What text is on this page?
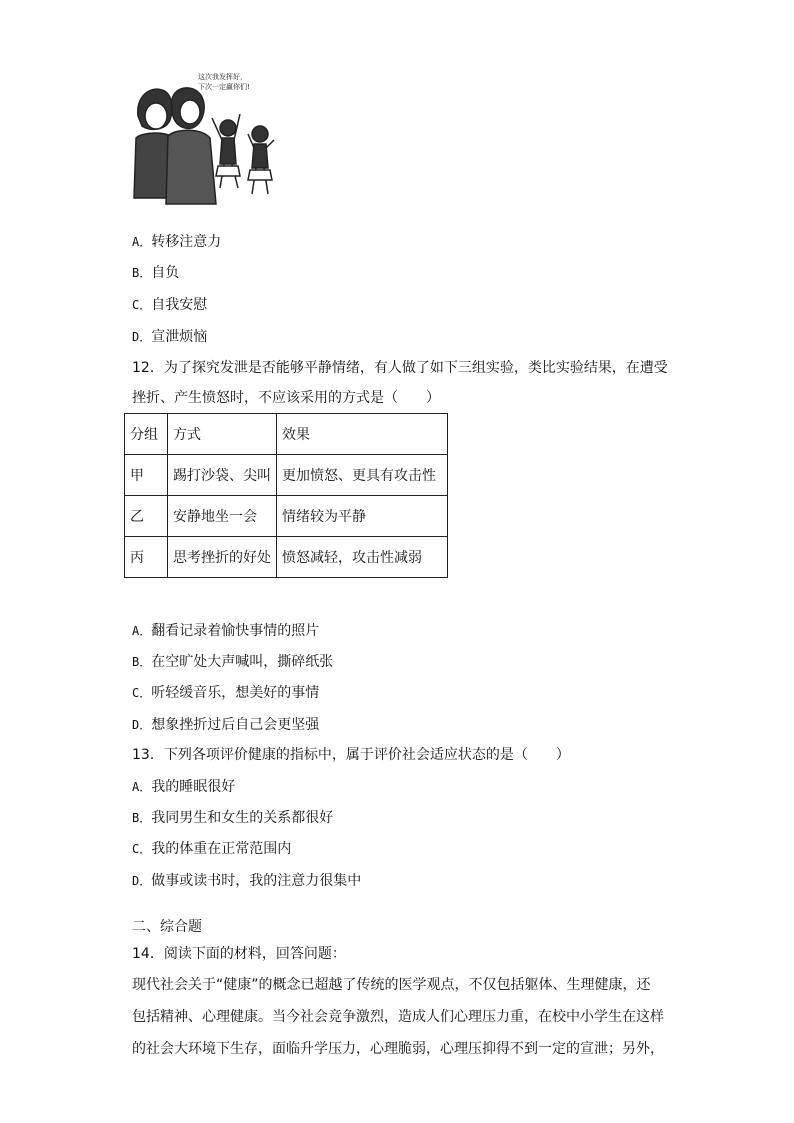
这次我发挥好，
下次一定赢你们!
A．转移注意力
B．自负
C．自我安慰
D．宣泄烦恼
12．为了探究发泄是否能够平静情绪，有人做了如下三组实验，类比实验结果，在遭受
挫折、产生愤怒时，不应该采用的方式是（　　）
分组	方式	效果
甲	踢打沙袋、尖叫	更加愤怒、更具有攻击性
乙	安静地坐一会	情绪较为平静
丙	思考挫折的好处	愤怒减轻，攻击性减弱
A．翻看记录着愉快事情的照片
B．在空旷处大声喊叫，撕碎纸张
C．听轻缓音乐，想美好的事情
D．想象挫折过后自己会更坚强
13．下列各项评价健康的指标中，属于评价社会适应状态的是（　　）
A．我的睡眠很好
B．我同男生和女生的关系都很好
C．我的体重在正常范围内
D．做事或读书时，我的注意力很集中
二、综合题
14．阅读下面的材料，回答问题：
现代社会关于“健康”的概念已超越了传统的医学观点，不仅包括躯体、生理健康，还
包括精神、心理健康。当今社会竞争激烈，造成人们心理压力重，在校中小学生在这样
的社会大环境下生存，面临升学压力，心理脆弱，心理压抑得不到一定的宣泄；另外，
